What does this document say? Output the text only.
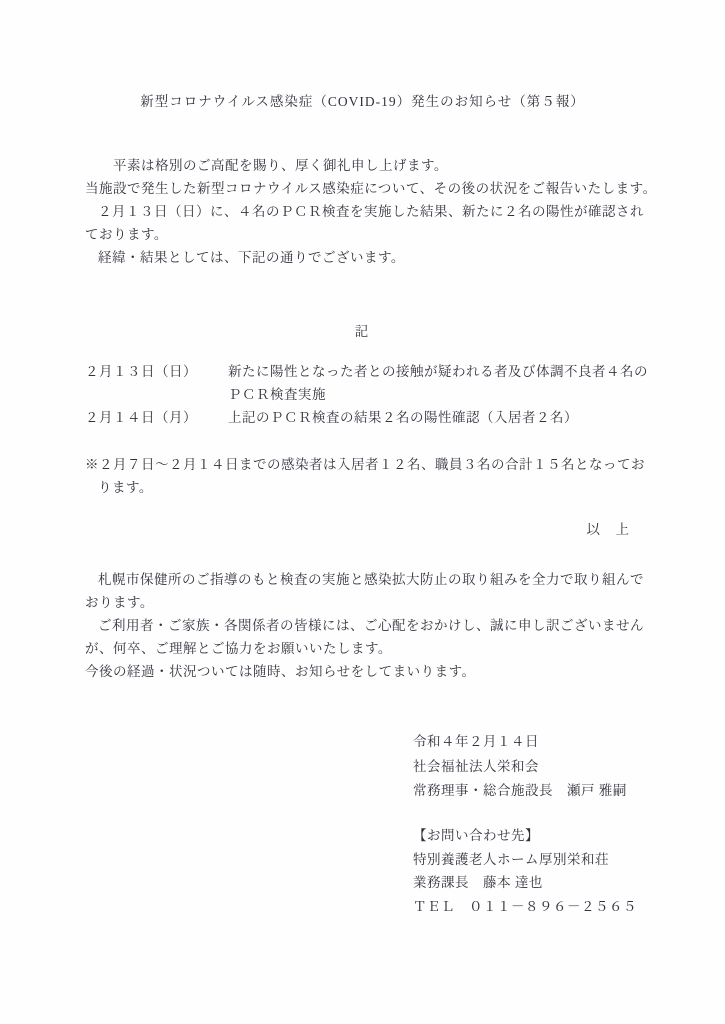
新型コロナウイルス感染症（COVID-19）発生のお知らせ（第５報）
平素は格別のご高配を賜り、厚く御礼申し上げます。
当施設で発生した新型コロナウイルス感染症について、その後の状況をご報告いたします。
２月１３日（日）に、４名のＰＣＲ検査を実施した結果、新たに２名の陽性が確認され
ております。
経緯・結果としては、下記の通りでございます。
記
２月１３日（日）	新たに陽性となった者との接触が疑われる者及び体調不良者４名の
ＰＣＲ検査実施
２月１４日（月）	上記のＰＣＲ検査の結果２名の陽性確認（入居者２名）
※２月７日～２月１４日までの感染者は入居者１２名、職員３名の合計１５名となってお
ります。
以　上
札幌市保健所のご指導のもと検査の実施と感染拡大防止の取り組みを全力で取り組んで
おります。
ご利用者・ご家族・各関係者の皆様には、ご心配をおかけし、誠に申し訳ございません
が、何卒、ご理解とご協力をお願いいたします。
今後の経過・状況ついては随時、お知らせをしてまいります。
令和４年２月１４日
社会福祉法人栄和会
常務理事・総合施設長　瀬戸 雅嗣
【お問い合わせ先】
特別養護老人ホーム厚別栄和荘
業務課長　藤本 達也
ＴＥＬ　０１１－８９６－２５６５
